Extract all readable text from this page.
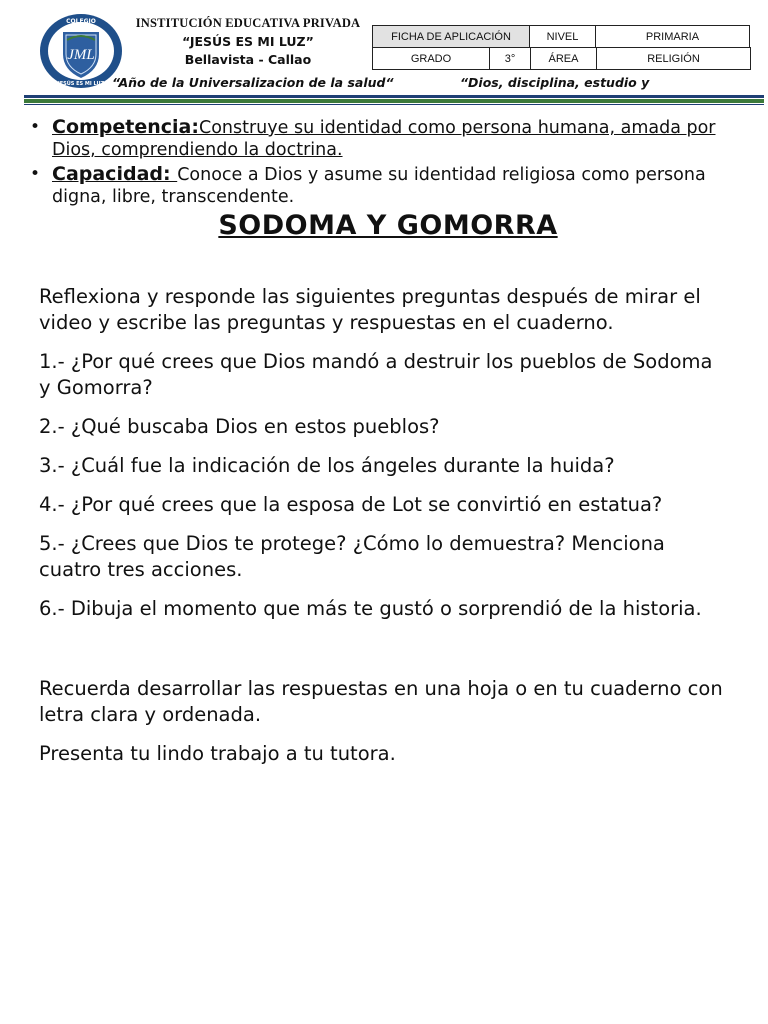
JML
COLEGIO
JESÚS ES MI LUZ
INSTITUCIÓN EDUCATIVA PRIVADA
“JESÚS ES MI LUZ”
Bellavista - Callao
FICHA DE APLICACIÓN	NIVEL	PRIMARIA
GRADO	3°	ÁREA	RELIGIÓN
“Año de la Universalizacion de la salud“	“Dios, disciplina, estudio y
• Competencia:Construye su identidad como persona humana, amada por Dios, comprendiendo la doctrina.
• Capacidad: Conoce a Dios y asume su identidad religiosa como persona digna, libre, transcendente.
SODOMA Y GOMORRA

Reflexiona y responde las siguientes preguntas después de mirar el video y escribe las preguntas y respuestas en el cuaderno.

1.- ¿Por qué crees que Dios mandó a destruir los pueblos de Sodoma y Gomorra?

2.- ¿Qué buscaba Dios en estos pueblos?

3.- ¿Cuál fue la indicación de los ángeles durante la huida?

4.- ¿Por qué crees que la esposa de Lot se convirtió en estatua?

5.- ¿Crees que Dios te protege? ¿Cómo lo demuestra? Menciona cuatro tres acciones.

6.- Dibuja el momento que más te gustó o sorprendió de la historia.

Recuerda desarrollar las respuestas en una hoja o en tu cuaderno con letra clara y ordenada.

Presenta tu lindo trabajo a tu tutora.
